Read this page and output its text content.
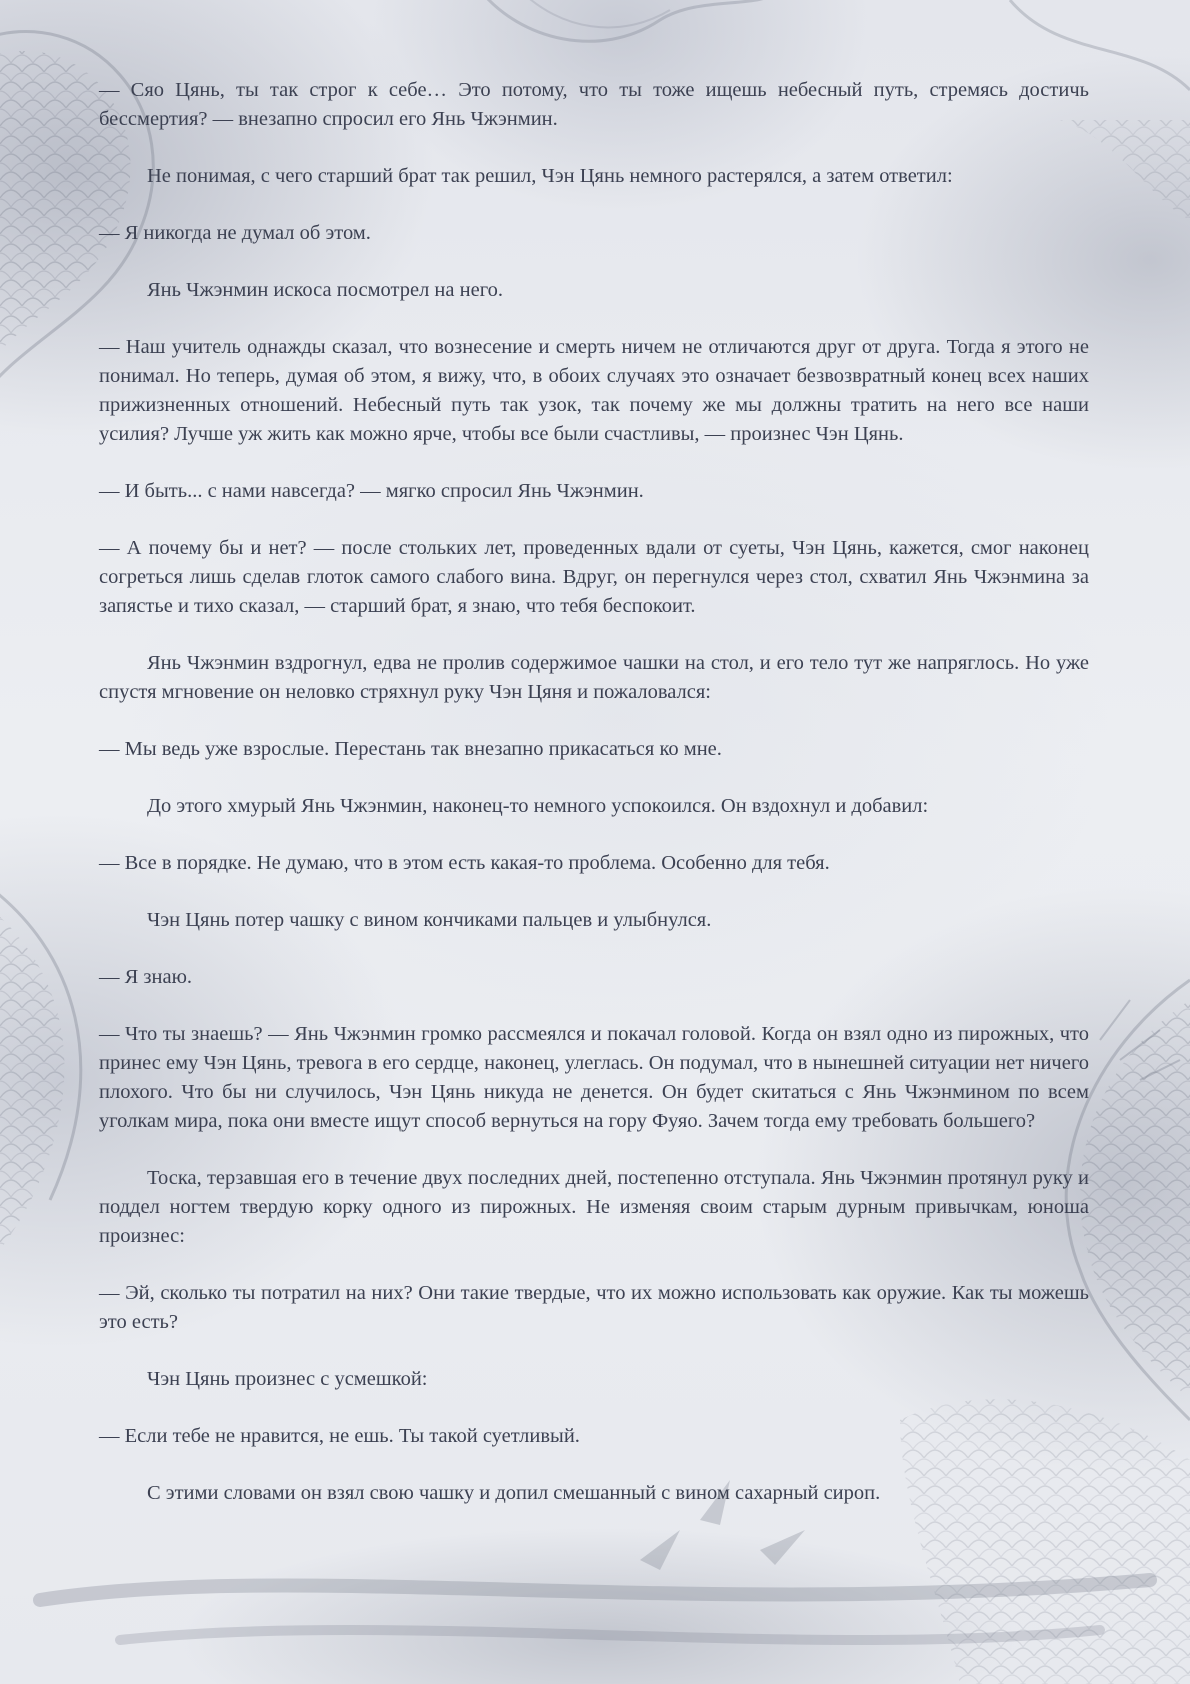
— Сяо Цянь, ты так строг к себе… Это потому, что ты тоже ищешь небесный путь, стремясь достичь бессмертия? — внезапно спросил его Янь Чжэнмин.

Не понимая, с чего старший брат так решил, Чэн Цянь немного растерялся, а затем ответил:

— Я никогда не думал об этом.

Янь Чжэнмин искоса посмотрел на него.

— Наш учитель однажды сказал, что вознесение и смерть ничем не отличаются друг от друга. Тогда я этого не понимал. Но теперь, думая об этом, я вижу, что, в обоих случаях это означает безвозвратный конец всех наших прижизненных отношений. Небесный путь так узок, так почему же мы должны тратить на него все наши усилия? Лучше уж жить как можно ярче, чтобы все были счастливы, — произнес Чэн Цянь.

— И быть... с нами навсегда? — мягко спросил Янь Чжэнмин.

— А почему бы и нет? — после стольких лет, проведенных вдали от суеты, Чэн Цянь, кажется, смог наконец согреться лишь сделав глоток самого слабого вина. Вдруг, он перегнулся через стол, схватил Янь Чжэнмина за запястье и тихо сказал, — старший брат, я знаю, что тебя беспокоит.

Янь Чжэнмин вздрогнул, едва не пролив содержимое чашки на стол, и его тело тут же напряглось. Но уже спустя мгновение он неловко стряхнул руку Чэн Цяня и пожаловался:

— Мы ведь уже взрослые. Перестань так внезапно прикасаться ко мне.

До этого хмурый Янь Чжэнмин, наконец-то немного успокоился. Он вздохнул и добавил:

— Все в порядке. Не думаю, что в этом есть какая-то проблема. Особенно для тебя.

Чэн Цянь потер чашку с вином кончиками пальцев и улыбнулся.

— Я знаю.

— Что ты знаешь? — Янь Чжэнмин громко рассмеялся и покачал головой. Когда он взял одно из пирожных, что принес ему Чэн Цянь, тревога в его сердце, наконец, улеглась. Он подумал, что в нынешней ситуации нет ничего плохого. Что бы ни случилось, Чэн Цянь никуда не денется. Он будет скитаться с Янь Чжэнмином по всем уголкам мира, пока они вместе ищут способ вернуться на гору Фуяо. Зачем тогда ему требовать большего?

Тоска, терзавшая его в течение двух последних дней, постепенно отступала. Янь Чжэнмин протянул руку и поддел ногтем твердую корку одного из пирожных. Не изменяя своим старым дурным привычкам, юноша произнес:

— Эй, сколько ты потратил на них? Они такие твердые, что их можно использовать как оружие. Как ты можешь это есть?

Чэн Цянь произнес с усмешкой:

— Если тебе не нравится, не ешь. Ты такой суетливый.

С этими словами он взял свою чашку и допил смешанный с вином сахарный сироп.
